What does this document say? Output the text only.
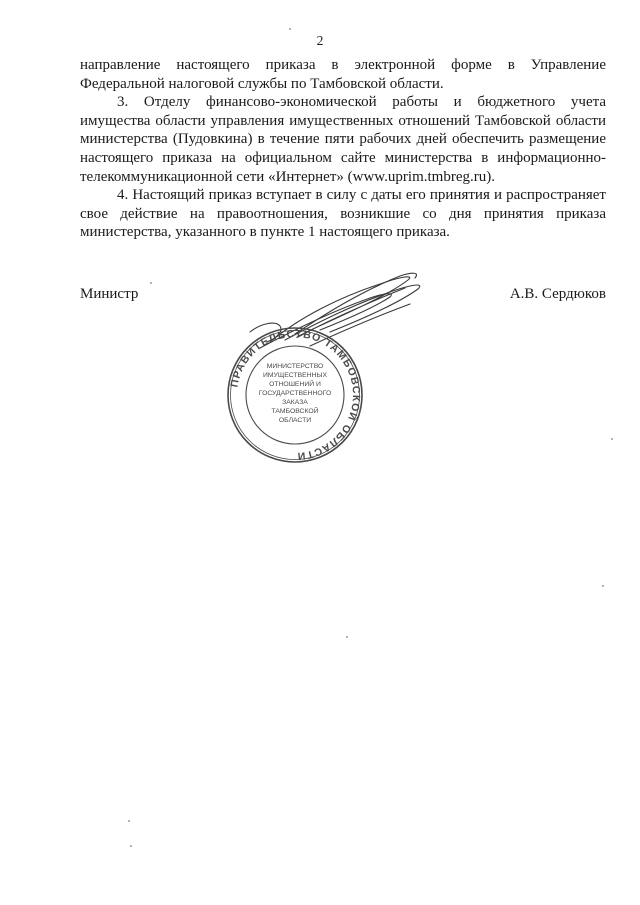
2

направление настоящего приказа в электронной форме в Управление Федеральной налоговой службы по Тамбовской области.

3. Отделу финансово-экономической работы и бюджетного учета имущества области управления имущественных отношений Тамбовской области министерства (Пудовкина) в течение пяти рабочих дней обеспечить размещение настоящего приказа на официальном сайте министерства в информационно-телекоммуникационной сети «Интернет» (www.uprim.tmbreg.ru).

4. Настоящий приказ вступает в силу с даты его принятия и распространяет свое действие на правоотношения, возникшие со дня принятия приказа министерства, указанного в пункте 1 настоящего приказа.

Министр	А.В. Сердюков
ПРАВИТЕЛЬСТВО ТАМБОВСКОЙ ОБЛАСТИ
МИНИСТЕРСТВО
ИМУЩЕСТВЕННЫХ
ОТНОШЕНИЙ И
ГОСУДАРСТВЕННОГО
ЗАКАЗА
ТАМБОВСКОЙ
ОБЛАСТИ
